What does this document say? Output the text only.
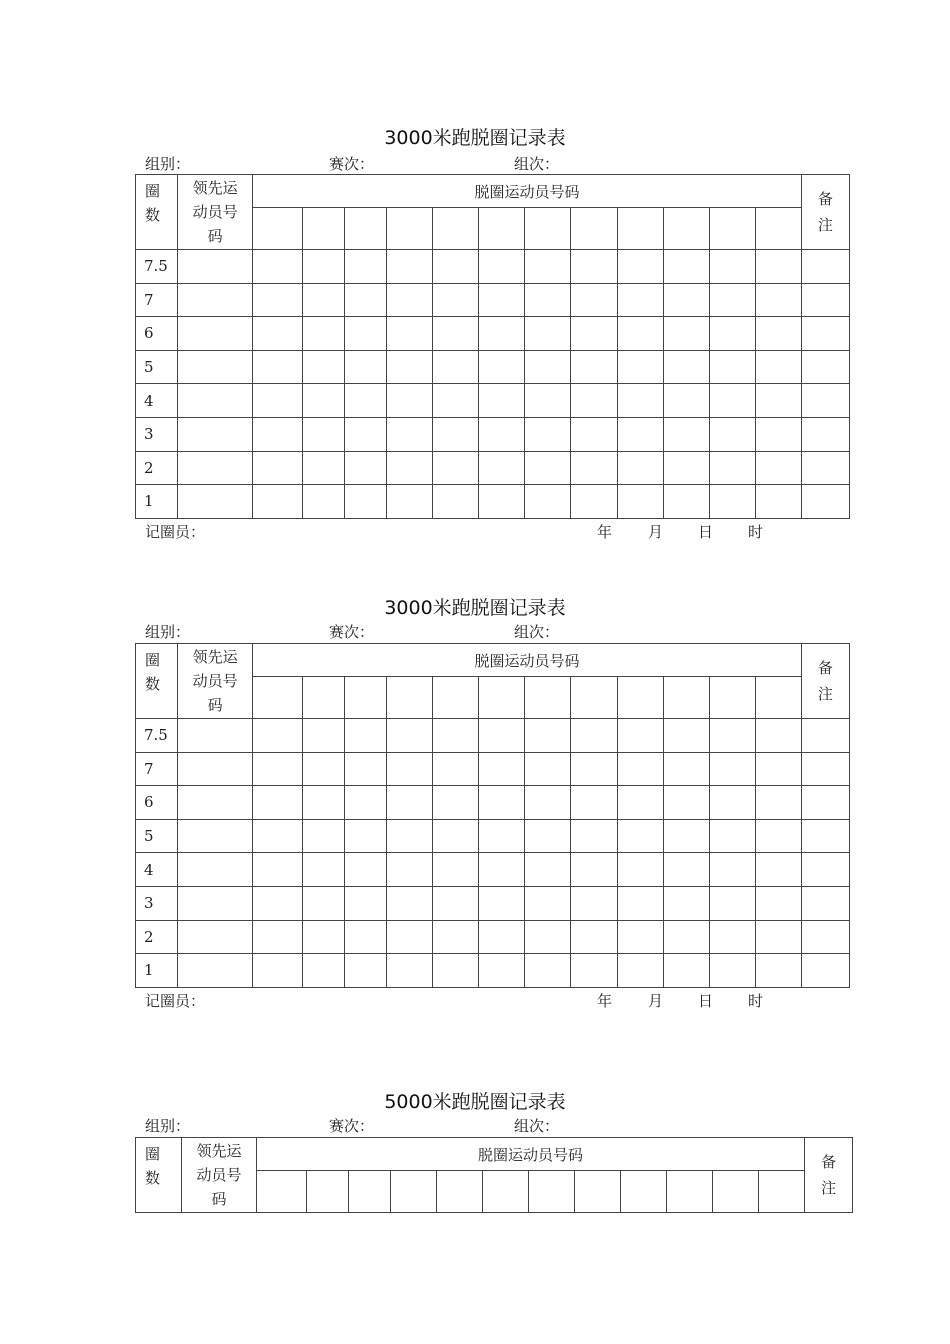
3000米跑脱圈记录表
组别：	赛次：	组次：
圈
数	领先运
动员号
码	脱圈运动员号码												备
注

7.5														
7														
6														
5														
4														
3														
2														
1														
记圈员：	年 月 日 时
3000米跑脱圈记录表
组别：	赛次：	组次：
圈
数	领先运
动员号
码	脱圈运动员号码												备
注

7.5														
7														
6														
5														
4														
3														
2														
1														
记圈员：	年 月 日 时
5000米跑脱圈记录表
组别：	赛次：	组次：
圈
数	领先运
动员号
码	脱圈运动员号码												备
注
